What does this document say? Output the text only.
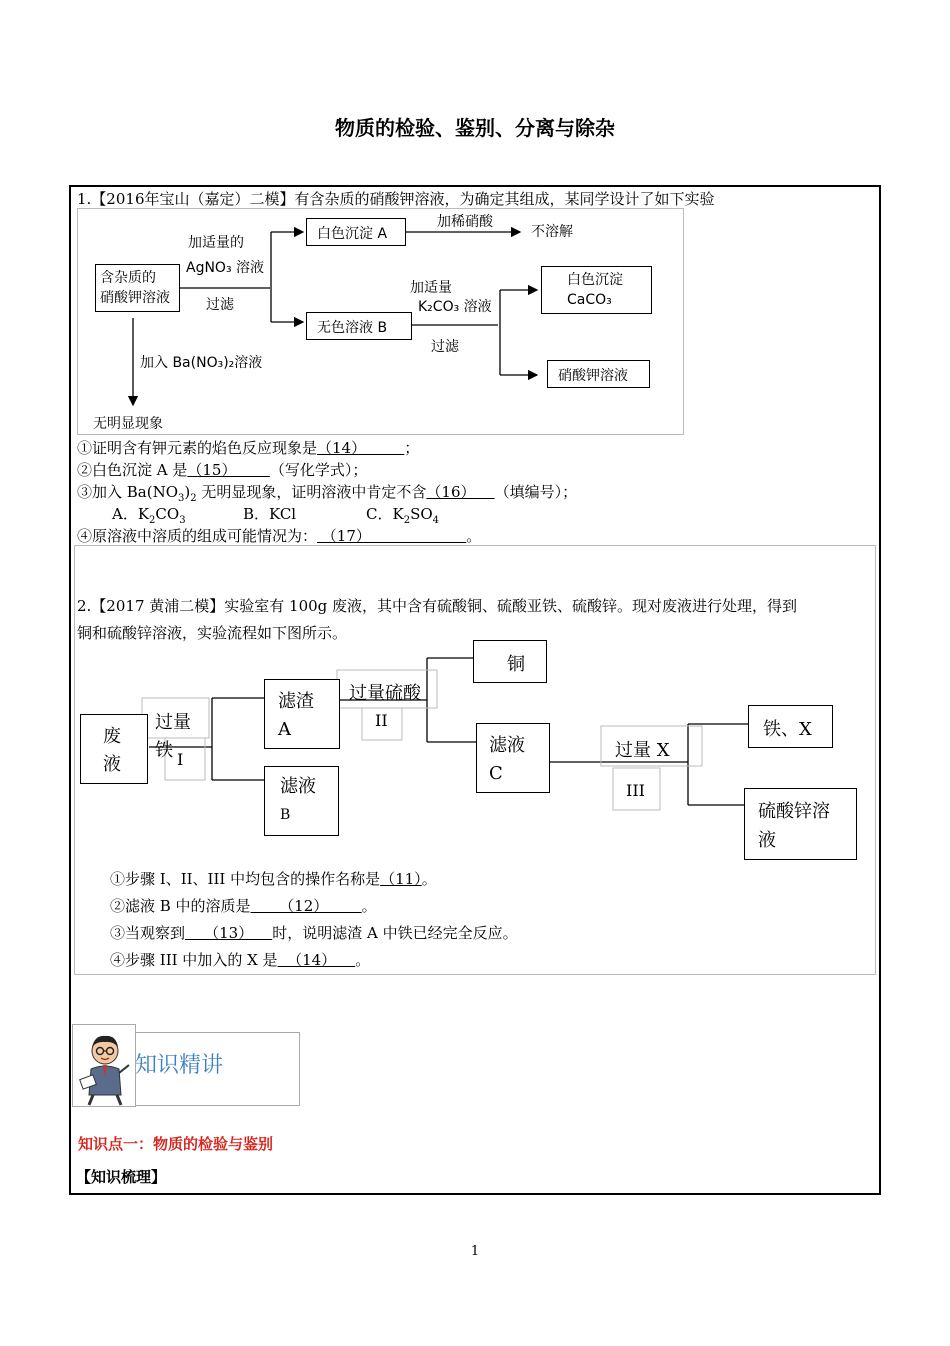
物质的检验、鉴别、分离与除杂
1.【2016年宝山（嘉定）二模】有含杂质的硝酸钾溶液，为确定其组成，某同学设计了如下实验
含杂质的
硝酸钾溶液
加适量的
AgNO₃ 溶液
过滤
白色沉淀 A
加稀硝酸
不溶解
无色溶液 B
加适量
K₂CO₃ 溶液
过滤
白色沉淀
CaCO₃
硝酸钾溶液
加入 Ba(NO₃)₂溶液
无明显现象
①证明含有钾元素的焰色反应现象是（14）        ；
②白色沉淀 A 是（15）       （写化学式）；
③加入 $Ba(NO_3)_2$ 无明显现象，证明溶液中肯定不含（16）    （填编号）；
A．$K_2CO_3$	B．KCl	C．$K_2SO_4$
④原溶液中溶质的组成可能情况为： （17）                    。
2.【2017 黄浦二模】实验室有 100g 废液，其中含有硫酸铜、硫酸亚铁、硫酸锌。现对废液进行处理，得到
铜和硫酸锌溶液，实验流程如下图所示。
废
液
过量
铁 I
滤渣
A
滤液
B
过量硫酸
II
铜
滤液
C
过量 X
III
铁、X
硫酸锌溶
液
①步骤 I、II、III 中均包含的操作名称是（11）。
②滤液 B 中的溶质是      （12）       。
③当观察到    （13）    时，说明滤渣 A 中铁已经完全反应。
④步骤 III 中加入的 X 是  （14）    。
知识精讲
知识点一：物质的检验与鉴别
【知识梳理】
1
